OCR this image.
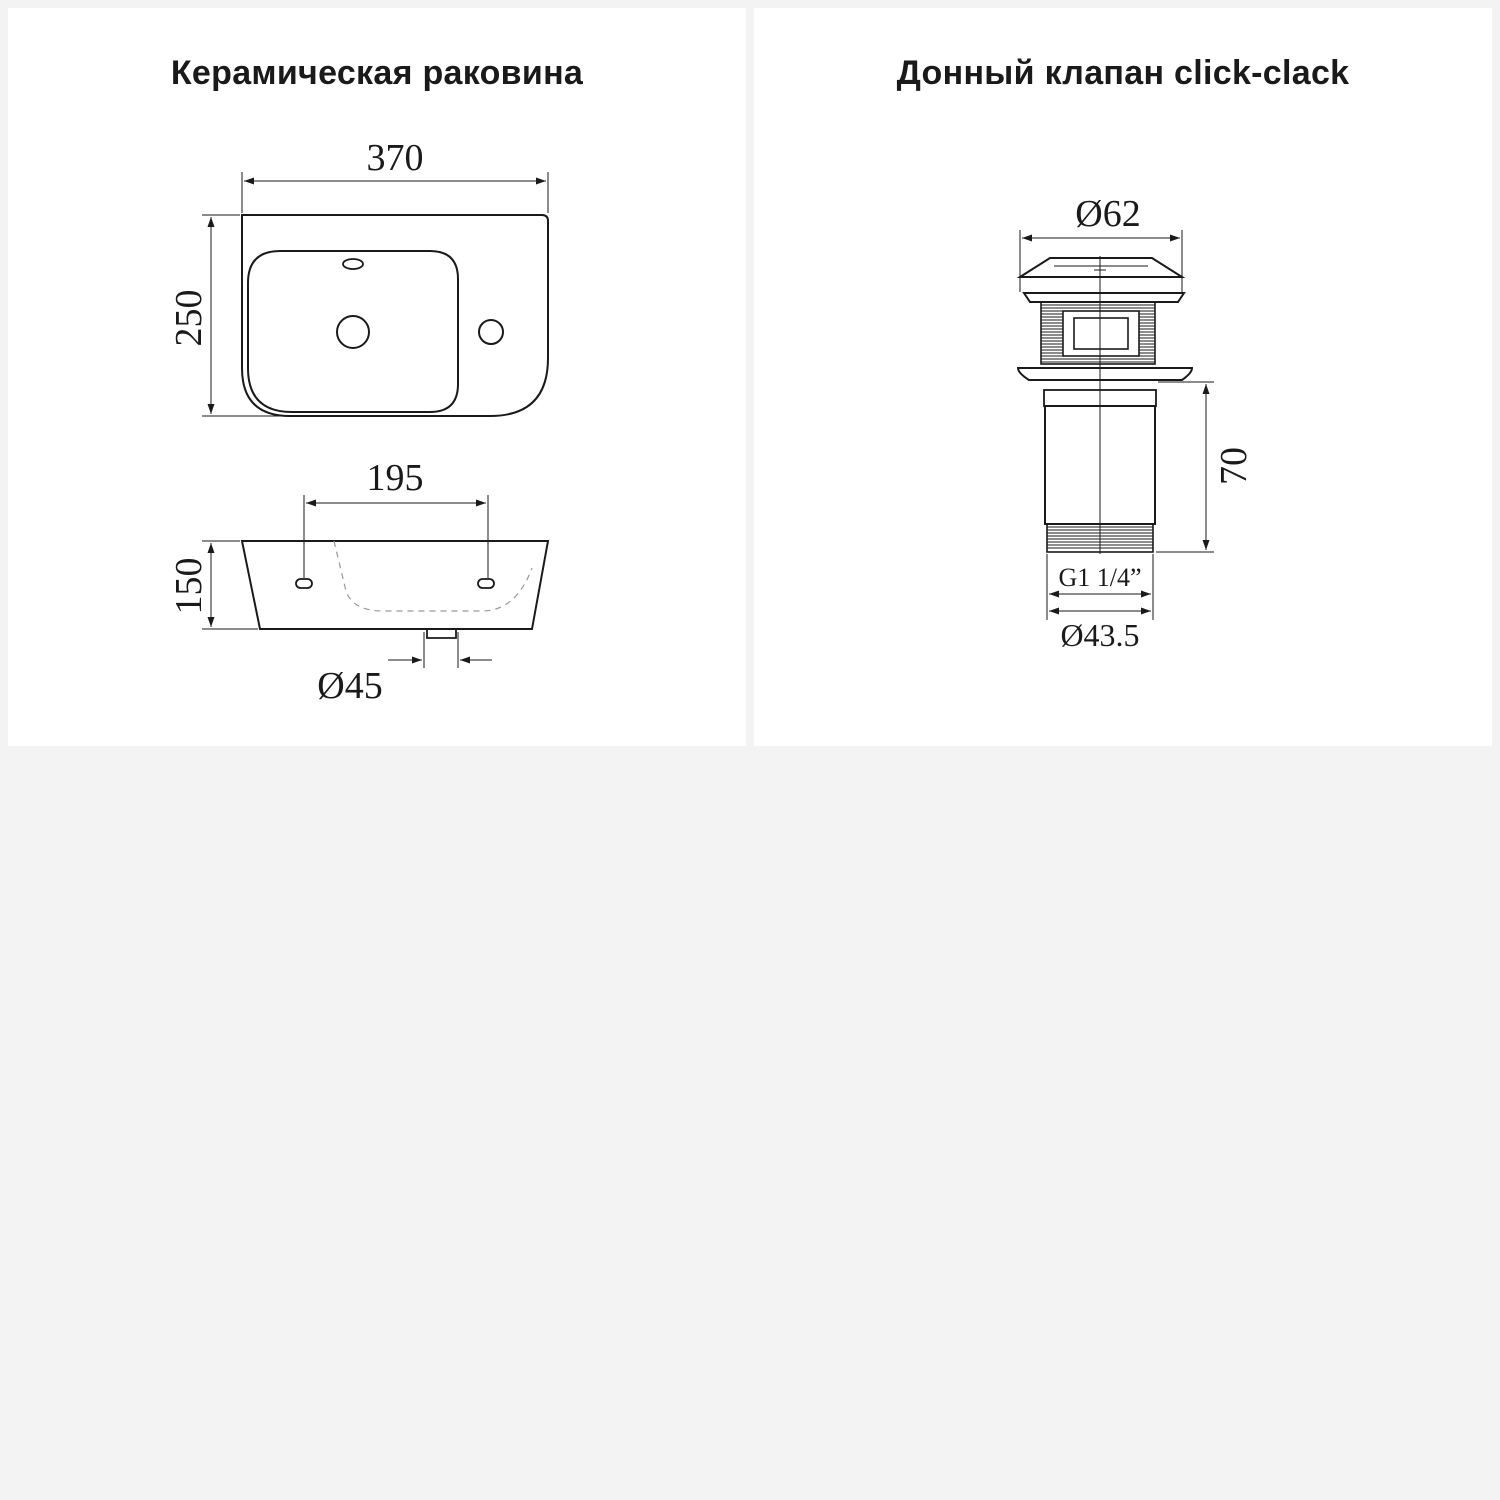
Керамическая раковина
370
250
195
150
Ø45
Донный клапан click-clack
Ø62
70
G1 1/4”
Ø43.5
